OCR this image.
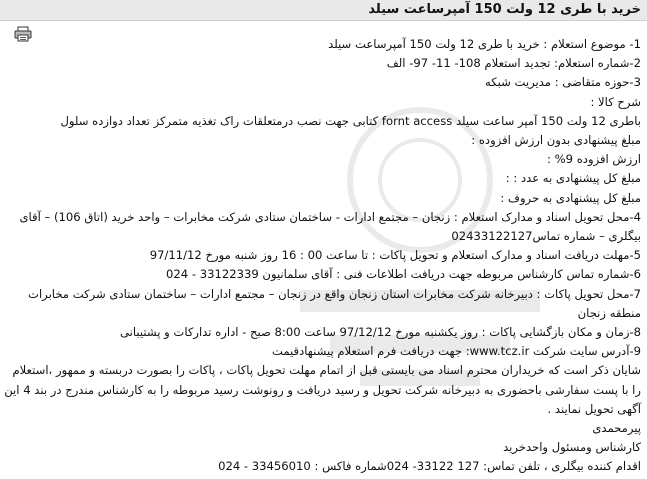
خرید با طری 12 ولت 150 آمپرساعت سیلد
1- موضوع استعلام : خرید با طری 12 ولت 150 آمپرساعت سیلد
2-شماره استعلام: تجدید استعلام 108- 11- 97- الف
3-حوزه متقاضی : مدیریت شبکه
شرح کالا :
باطری 12 ولت 150 آمپر ساعت سیلد fornt access کتابی جهت نصب درمتعلقات راک تغذیه متمرکز تعداد دوازده سلول
مبلغ پیشنهادی بدون ارزش افزوده :
ارزش افزوده 9% :
مبلغ کل پیشنهادی به عدد : :
مبلغ کل پیشنهادی به حروف :
4-محل تحویل اسناد و مدارک استعلام : زنجان – مجتمع ادارات - ساختمان ستادی شرکت مخابرات – واحد خرید (اتاق 106) – آقای بیگلری – شماره تماس02433122127
5-مهلت دریافت اسناد و مدارک استعلام و تحویل پاکات : تا ساعت 00 : 16 روز شنبه مورخ 97/11/12
6-شماره تماس کارشناس مربوطه جهت دریافت اطلاعات فنی : آقای سلمانیون 33122339 - 024
7-محل تحویل پاکات : دبیرخانه شرکت مخابرات استان زنجان واقع در زنجان – مجتمع ادارات – ساختمان ستادی شرکت مخابرات منطقه زنجان
8-زمان و مکان بازگشایی پاکات : روز یکشنبه مورخ 97/12/12 ساعت 8:00 صبح - اداره تدارکات و پشتیبانی
9-آدرس سایت شرکت www.tcz.ir: جهت دریافت فرم استعلام پیشنهادقیمت
شایان ذکر است که خریداران محترم اسناد می بایستی قبل از اتمام مهلت تحویل پاکات ، پاکات را بصورت دربسته و ممهور ،استعلام را با پست سفارشی باحضوری به دبیرخانه شرکت تحویل و رسید دریافت و رونوشت رسید مربوطه را به کارشناس مندرج در بند 4 این آگهی تحویل نمایند .
پیرمحمدی
کارشناس ومسئول واحدخرید
اقدام کننده بیگلری ، تلفن تماس: 127 33122- 024شماره فاکس : 33456010 - 024
